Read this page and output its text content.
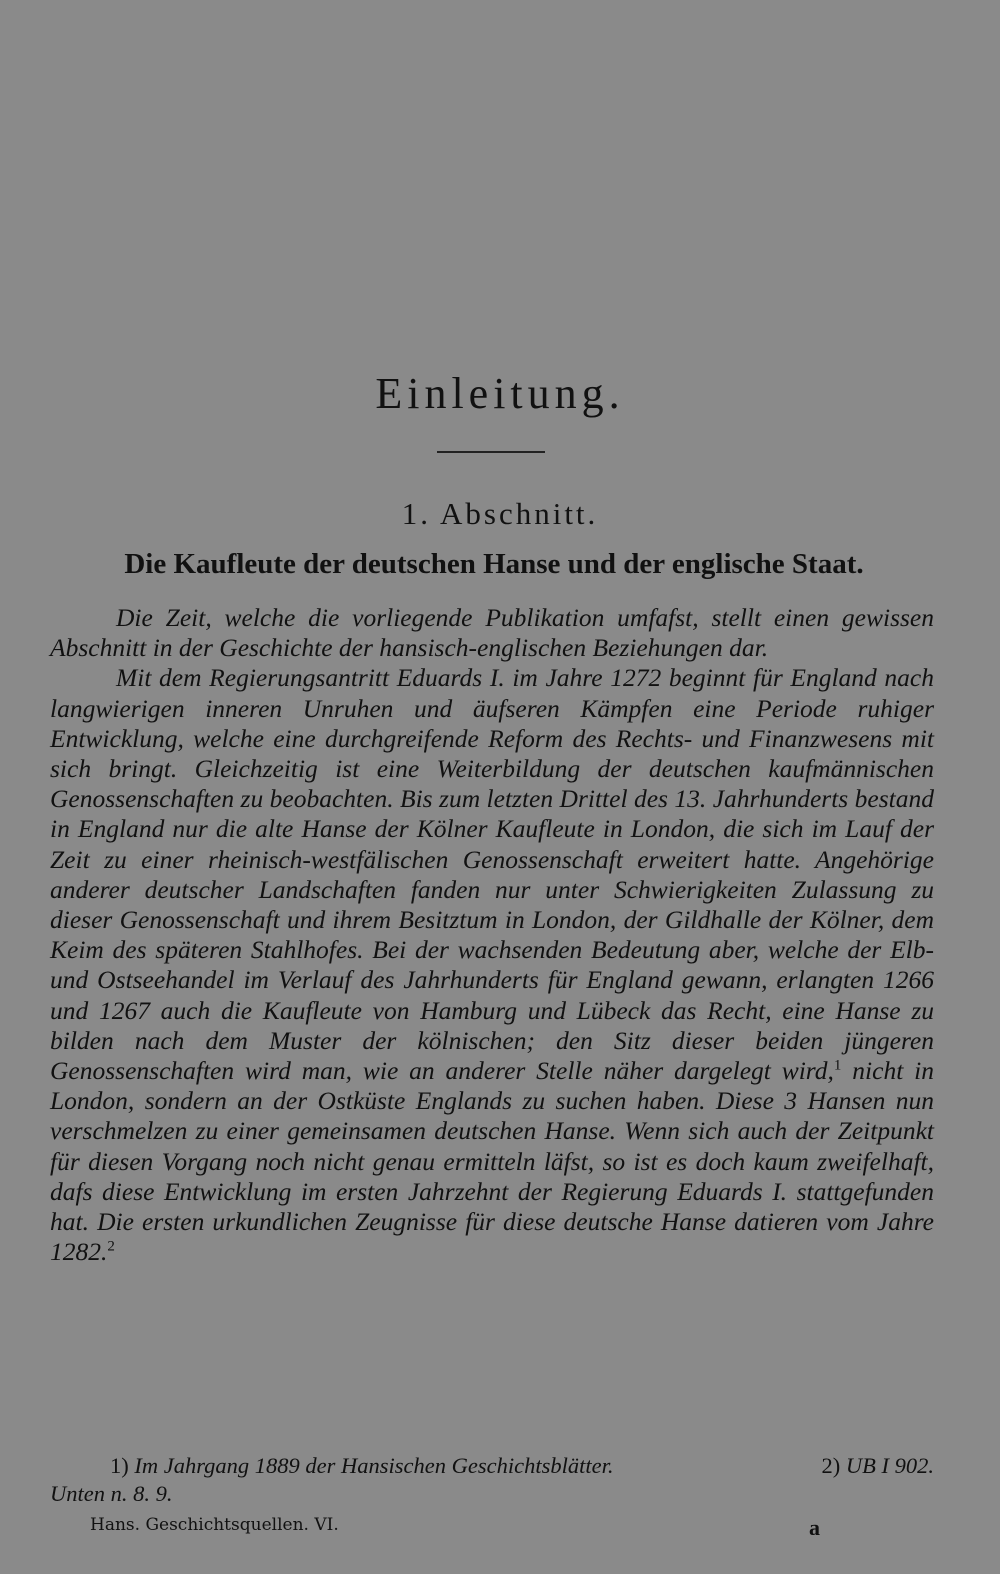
Einleitung.
1. Abschnitt.
Die Kaufleute der deutschen Hanse und der englische Staat.

Die Zeit, welche die vorliegende Publikation umfafst, stellt einen gewissen Abschnitt in der Geschichte der hansisch-englischen Beziehungen dar.

Mit dem Regierungsantritt Eduards I. im Jahre 1272 beginnt für England nach langwierigen inneren Unruhen und äufseren Kämpfen eine Periode ruhiger Entwicklung, welche eine durchgreifende Reform des Rechts- und Finanzwesens mit sich bringt. Gleichzeitig ist eine Weiterbildung der deutschen kaufmännischen Genossenschaften zu beobachten. Bis zum letzten Drittel des 13. Jahrhunderts bestand in England nur die alte Hanse der Kölner Kaufleute in London, die sich im Lauf der Zeit zu einer rheinisch-westfälischen Genossenschaft erweitert hatte. Angehörige anderer deutscher Landschaften fanden nur unter Schwierigkeiten Zulassung zu dieser Genossenschaft und ihrem Besitztum in London, der Gildhalle der Kölner, dem Keim des späteren Stahlhofes. Bei der wachsenden Bedeutung aber, welche der Elb- und Ostseehandel im Verlauf des Jahrhunderts für England gewann, erlangten 1266 und 1267 auch die Kaufleute von Hamburg und Lübeck das Recht, eine Hanse zu bilden nach dem Muster der kölnischen; den Sitz dieser beiden jüngeren Genossenschaften wird man, wie an anderer Stelle näher dargelegt wird,$^1$ nicht in London, sondern an der Ostküste Englands zu suchen haben. Diese 3 Hansen nun verschmelzen zu einer gemeinsamen deutschen Hanse. Wenn sich auch der Zeitpunkt für diesen Vorgang noch nicht genau ermitteln läfst, so ist es doch kaum zweifelhaft, dafs diese Entwicklung im ersten Jahrzehnt der Regierung Eduards I. stattgefunden hat. Die ersten urkundlichen Zeugnisse für diese deutsche Hanse datieren vom Jahre 1282.$^2$

1) Im Jahrgang 1889 der Hansischen Geschichtsblätter.	2) UB I 902.
Unten n. 8. 9.
Hans. Geschichtsquellen. VI.	a
